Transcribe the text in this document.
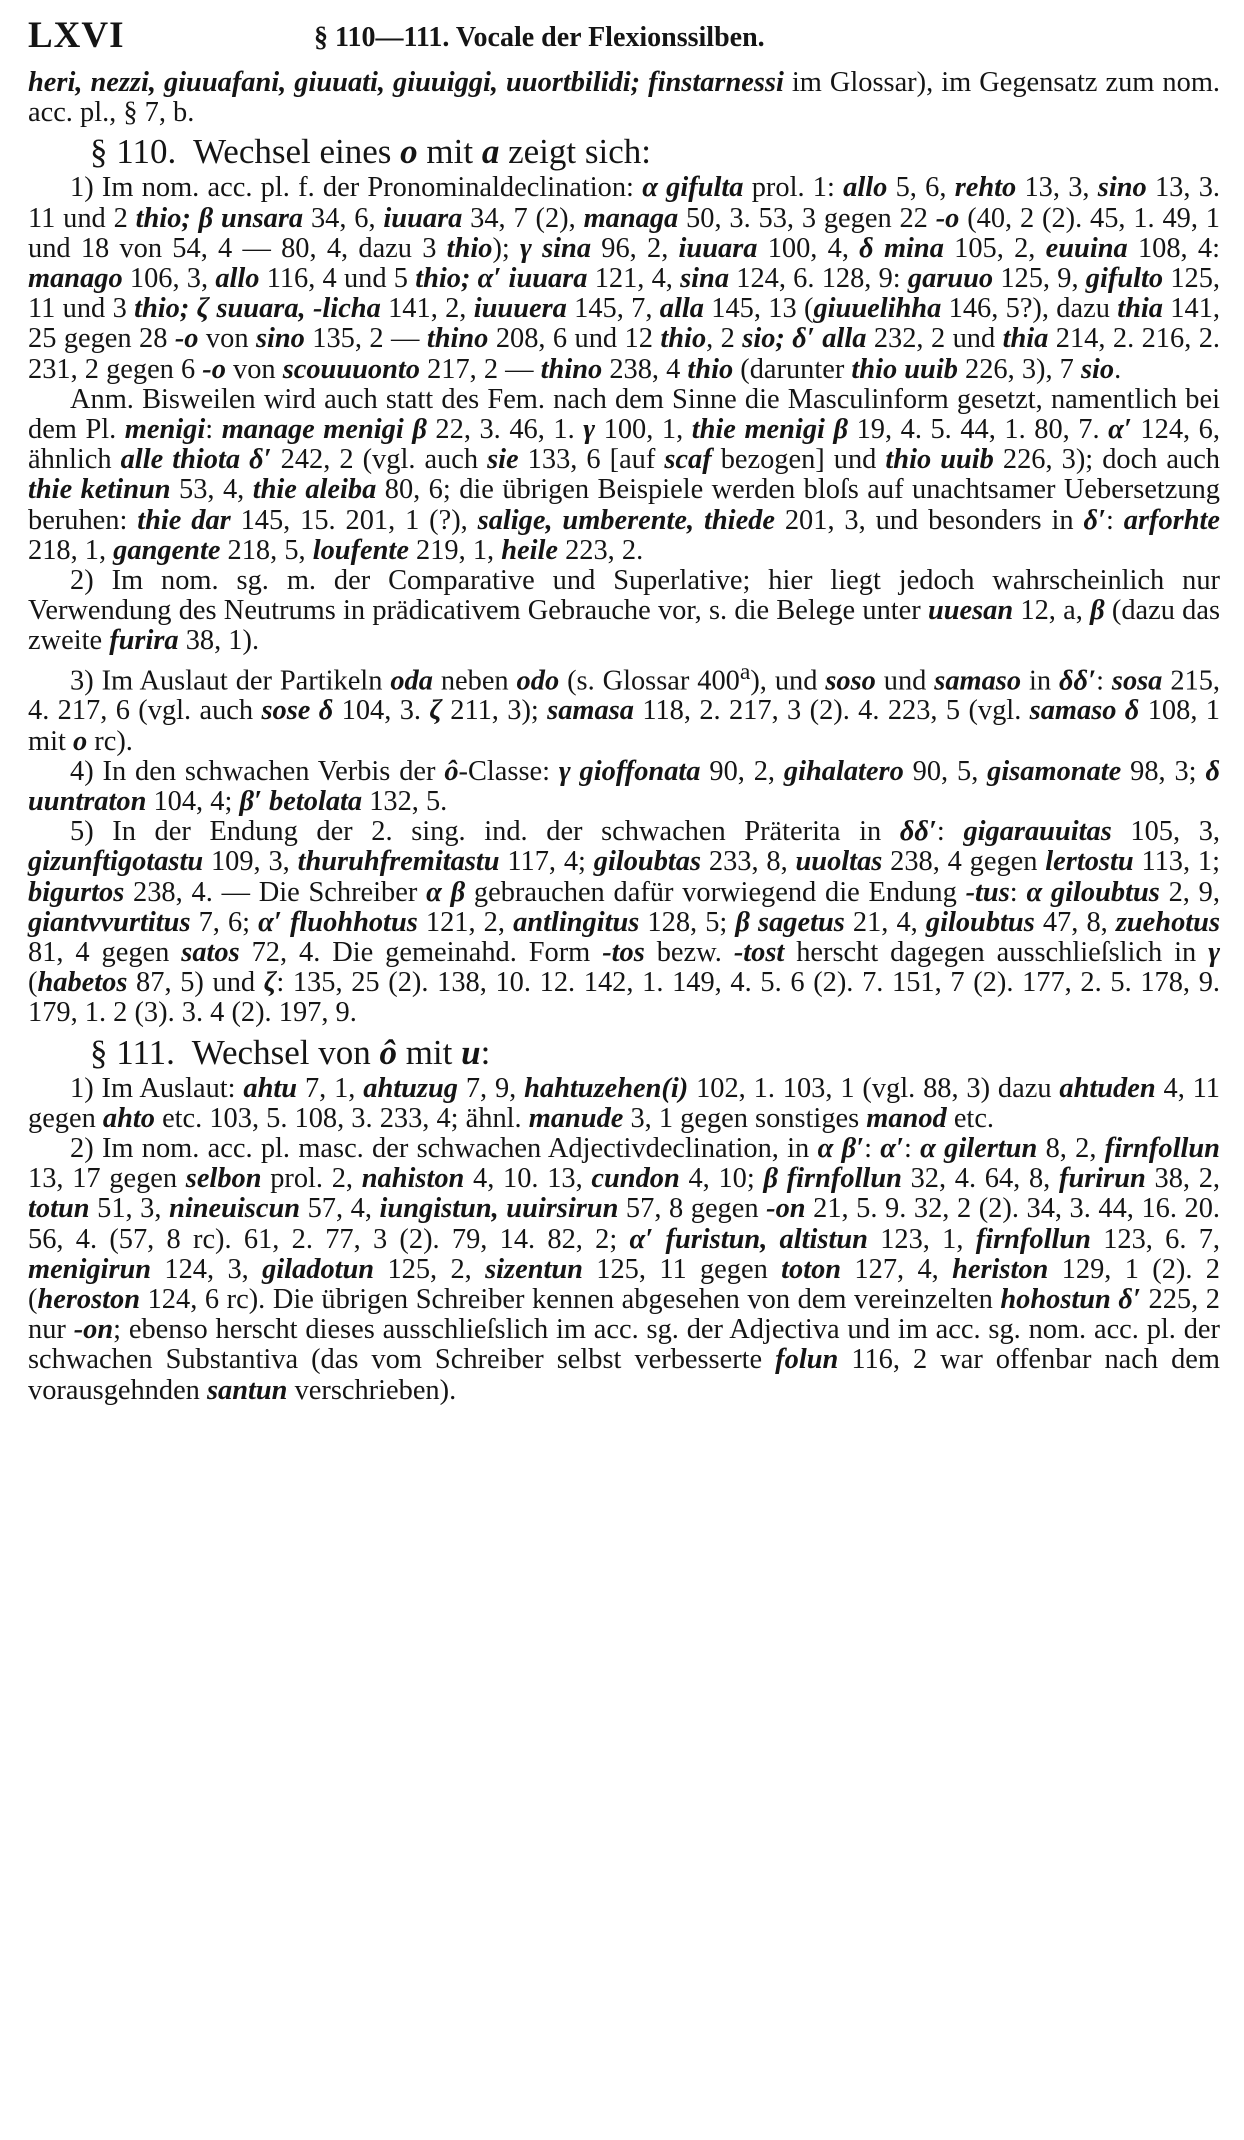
LXVI	§ 110—111. Vocale der Flexionssilben.

heri, nezzi, giuuafani, giuuati, giuuiggi, uuortbilidi; finstarnessi im Glossar), im Gegensatz zum nom. acc. pl., § 7, b.

§ 110.  Wechsel eines o mit a zeigt sich:

1) Im nom. acc. pl. f. der Pronominaldeclination: α gifulta prol. 1: allo 5, 6, rehto 13, 3, sino 13, 3. 11 und 2 thio; β unsara 34, 6, iuuara 34, 7 (2), managa 50, 3. 53, 3 gegen 22 -o (40, 2 (2). 45, 1. 49, 1 und 18 von 54, 4 — 80, 4, dazu 3 thio); γ sina 96, 2, iuuara 100, 4, δ mina 105, 2, euuina 108, 4: manago 106, 3, allo 116, 4 und 5 thio; α′ iuuara 121, 4, sina 124, 6. 128, 9: garuuo 125, 9, gifulto 125, 11 und 3 thio; ζ suuara, -licha 141, 2, iuuuera 145, 7, alla 145, 13 (giuuelihha 146, 5?), dazu thia 141, 25 gegen 28 -o von sino 135, 2 — thino 208, 6 und 12 thio, 2 sio; δ′ alla 232, 2 und thia 214, 2. 216, 2. 231, 2 gegen 6 -o von scouuuonto 217, 2 — thino 238, 4 thio (darunter thio uuib 226, 3), 7 sio.

Anm. Bisweilen wird auch statt des Fem. nach dem Sinne die Masculinform gesetzt, namentlich bei dem Pl. menigi: manage menigi β 22, 3. 46, 1. γ 100, 1, thie menigi β 19, 4. 5. 44, 1. 80, 7. α′ 124, 6, ähnlich alle thiota δ′ 242, 2 (vgl. auch sie 133, 6 [auf scaf bezogen] und thio uuib 226, 3); doch auch thie ketinun 53, 4, thie aleiba 80, 6; die übrigen Beispiele werden bloſs auf unachtsamer Uebersetzung beruhen: thie dar 145, 15. 201, 1 (?), salige, umberente, thiede 201, 3, und besonders in δ′: arforhte 218, 1, gangente 218, 5, loufente 219, 1, heile 223, 2.

2) Im nom. sg. m. der Comparative und Superlative; hier liegt jedoch wahrscheinlich nur Verwendung des Neutrums in prädicativem Gebrauche vor, s. die Belege unter uuesan 12, a, β (dazu das zweite furira 38, 1).

3) Im Auslaut der Partikeln oda neben odo (s. Glossar 400$^a$), und soso und samaso in δδ′: sosa 215, 4. 217, 6 (vgl. auch sose δ 104, 3. ζ 211, 3); samasa 118, 2. 217, 3 (2). 4. 223, 5 (vgl. samaso δ 108, 1 mit o rc).

4) In den schwachen Verbis der ô-Classe: γ gioffonata 90, 2, gihalatero 90, 5, gisamonate 98, 3; δ uuntraton 104, 4; β′ betolata 132, 5.

5) In der Endung der 2. sing. ind. der schwachen Präterita in δδ′: gigarauuitas 105, 3, gizunftigotastu 109, 3, thuruhfremitastu 117, 4; giloubtas 233, 8, uuoltas 238, 4 gegen lertostu 113, 1; bigurtos 238, 4. — Die Schreiber α β gebrauchen dafür vorwiegend die Endung -tus: α giloubtus 2, 9, giantvvurtitus 7, 6; α′ fluohhotus 121, 2, antlingitus 128, 5; β sagetus 21, 4, giloubtus 47, 8, zuehotus 81, 4 gegen satos 72, 4. Die gemeinahd. Form -tos bezw. -tost herscht dagegen ausschlieſslich in γ (habetos 87, 5) und ζ: 135, 25 (2). 138, 10. 12. 142, 1. 149, 4. 5. 6 (2). 7. 151, 7 (2). 177, 2. 5. 178, 9. 179, 1. 2 (3). 3. 4 (2). 197, 9.

§ 111.  Wechsel von ô mit u:

1) Im Auslaut: ahtu 7, 1, ahtuzug 7, 9, hahtuzehen(i) 102, 1. 103, 1 (vgl. 88, 3) dazu ahtuden 4, 11 gegen ahto etc. 103, 5. 108, 3. 233, 4; ähnl. manude 3, 1 gegen sonstiges manod etc.

2) Im nom. acc. pl. masc. der schwachen Adjectivdeclination, in α β′: α′: α gilertun 8, 2, firnfollun 13, 17 gegen selbon prol. 2, nahiston 4, 10. 13, cundon 4, 10; β firnfollun 32, 4. 64, 8, furirun 38, 2, totun 51, 3, nineuiscun 57, 4, iungistun, uuirsirun 57, 8 gegen -on 21, 5. 9. 32, 2 (2). 34, 3. 44, 16. 20. 56, 4. (57, 8 rc). 61, 2. 77, 3 (2). 79, 14. 82, 2; α′ furistun, altistun 123, 1, firnfollun 123, 6. 7, menigirun 124, 3, giladotun 125, 2, sizentun 125, 11 gegen toton 127, 4, heriston 129, 1 (2). 2 (heroston 124, 6 rc). Die übrigen Schreiber kennen abgesehen von dem vereinzelten hohostun δ′ 225, 2 nur -on; ebenso herscht dieses ausschlieſslich im acc. sg. der Adjectiva und im acc. sg. nom. acc. pl. der schwachen Substantiva (das vom Schreiber selbst verbesserte folun 116, 2 war offenbar nach dem vorausgehnden santun verschrieben).
